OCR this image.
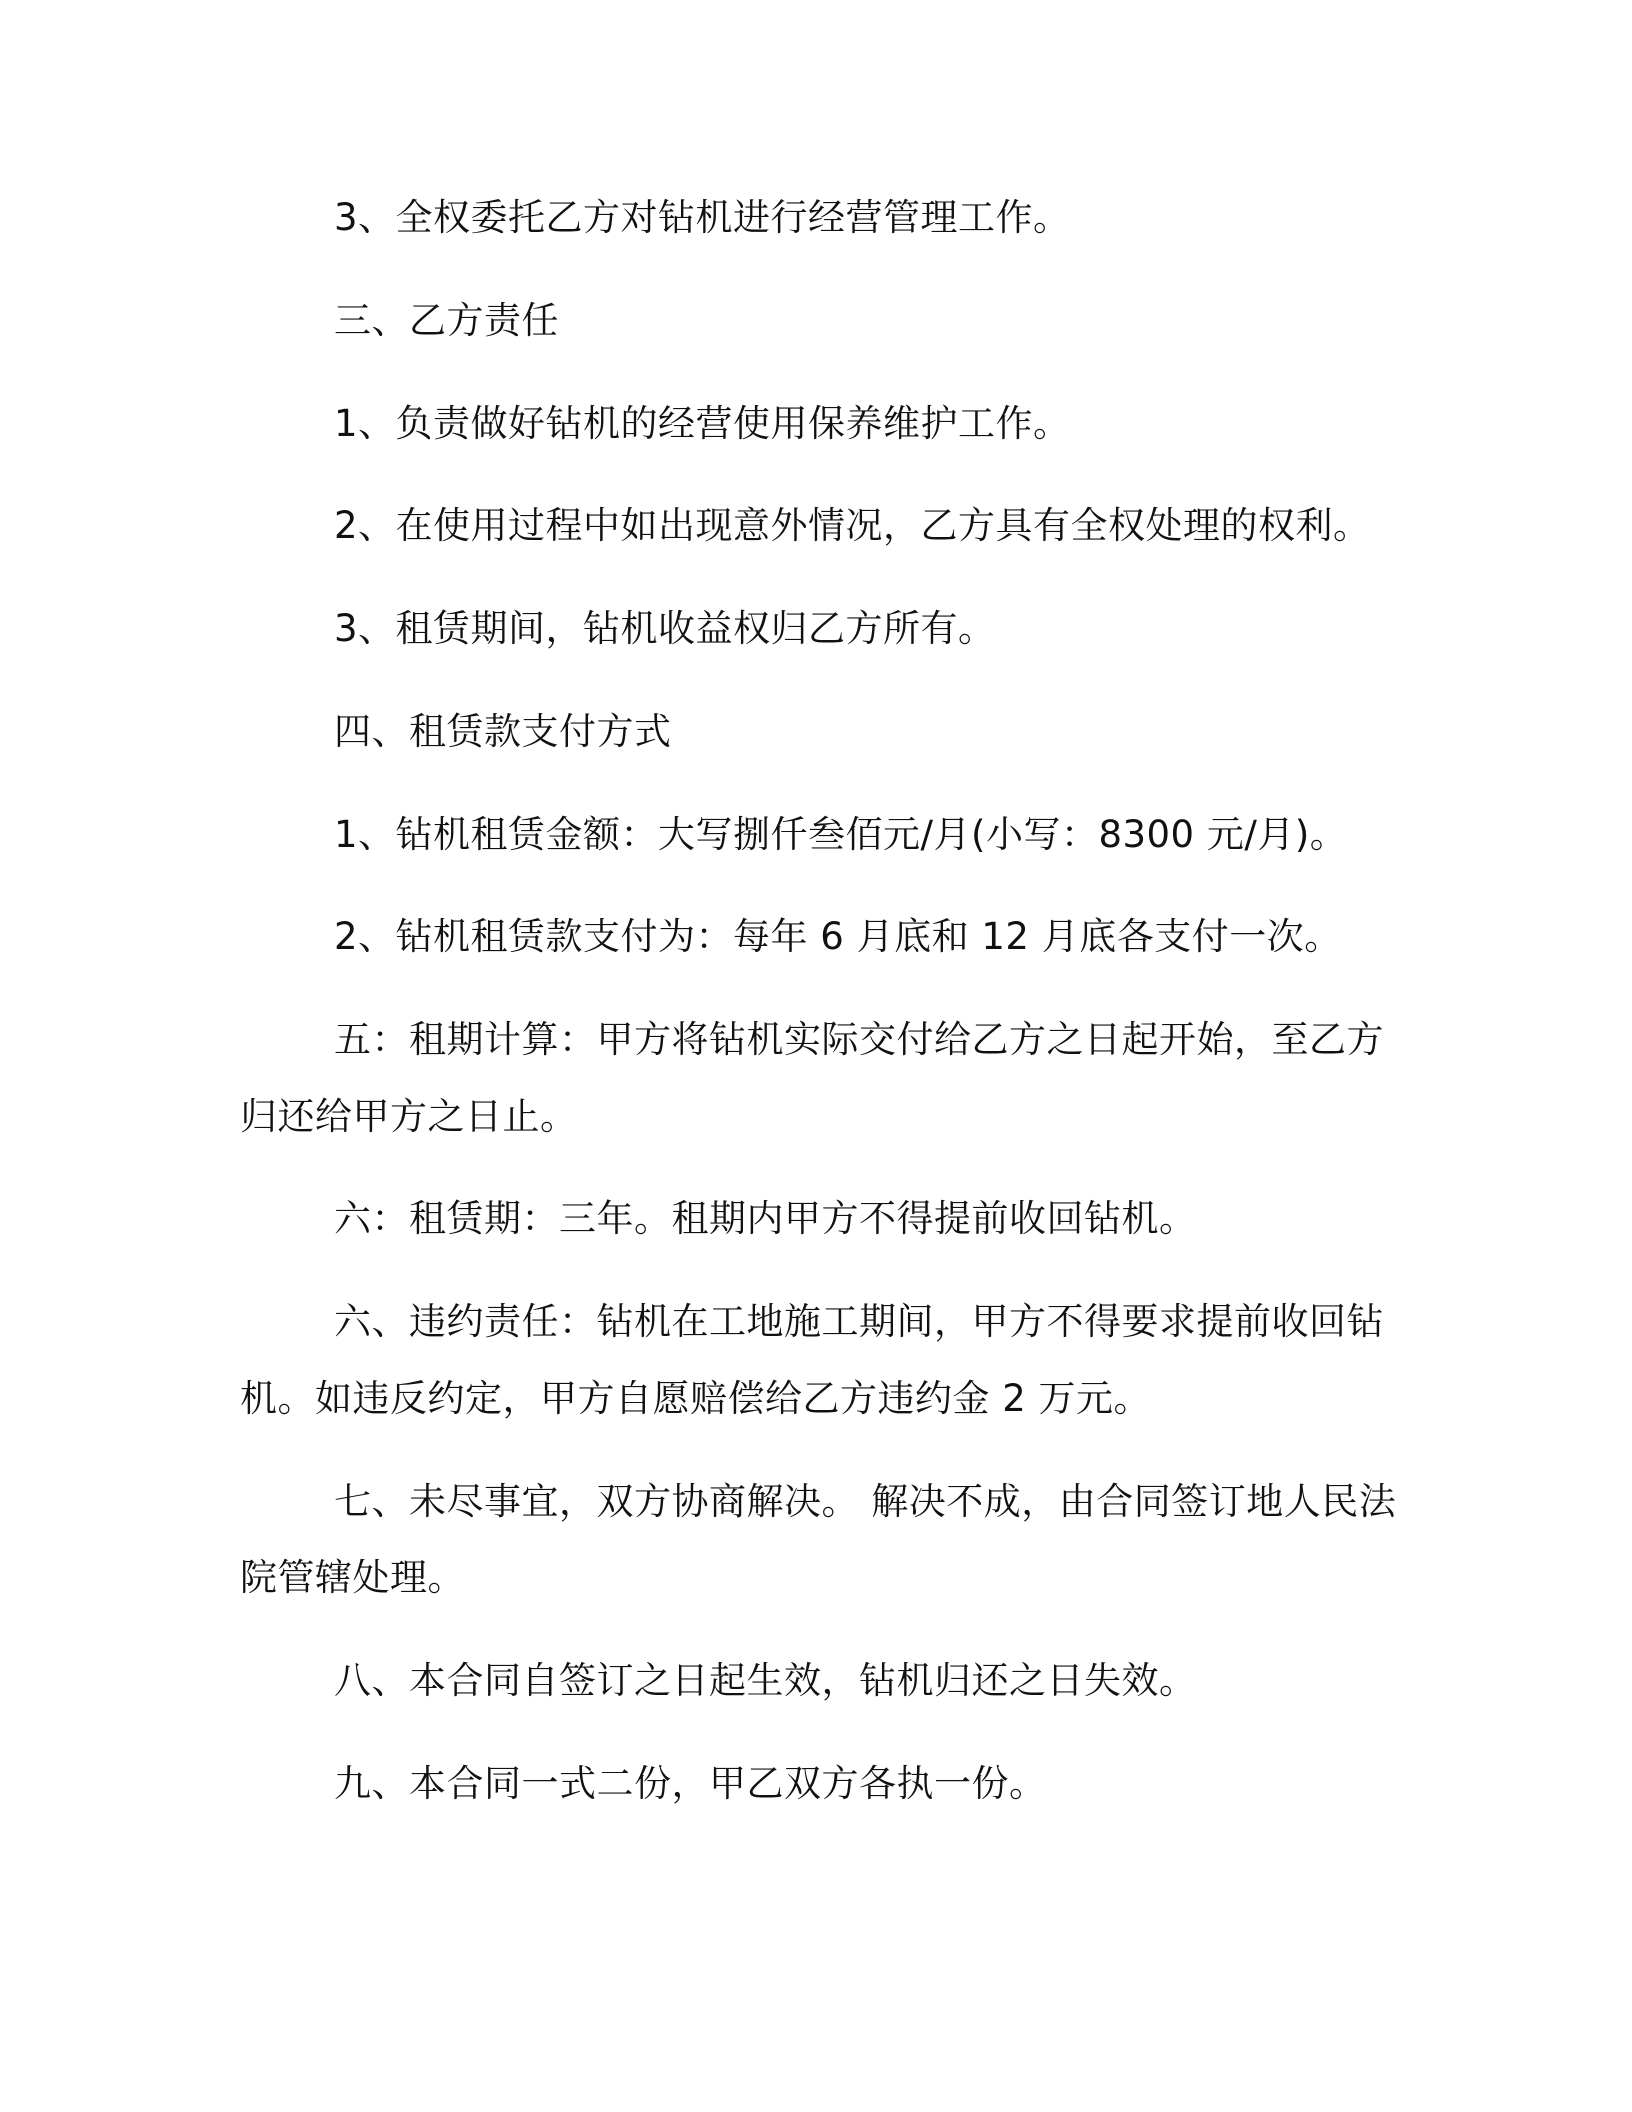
3、全权委托乙方对钻机进行经营管理工作。

三、乙方责任

1、负责做好钻机的经营使用保养维护工作。

2、在使用过程中如出现意外情况，乙方具有全权处理的权利。

3、租赁期间，钻机收益权归乙方所有。

四、租赁款支付方式

1、钻机租赁金额：大写捌仟叁佰元/月(小写：8300 元/月)。

2、钻机租赁款支付为：每年 6 月底和 12 月底各支付一次。

五：租期计算：甲方将钻机实际交付给乙方之日起开始，至乙方

归还给甲方之日止。

六：租赁期：三年。租期内甲方不得提前收回钻机。

六、违约责任：钻机在工地施工期间，甲方不得要求提前收回钻

机。如违反约定，甲方自愿赔偿给乙方违约金 2 万元。

七、未尽事宜，双方协商解决。 解决不成，由合同签订地人民法

院管辖处理。

八、本合同自签订之日起生效，钻机归还之日失效。

九、本合同一式二份，甲乙双方各执一份。
